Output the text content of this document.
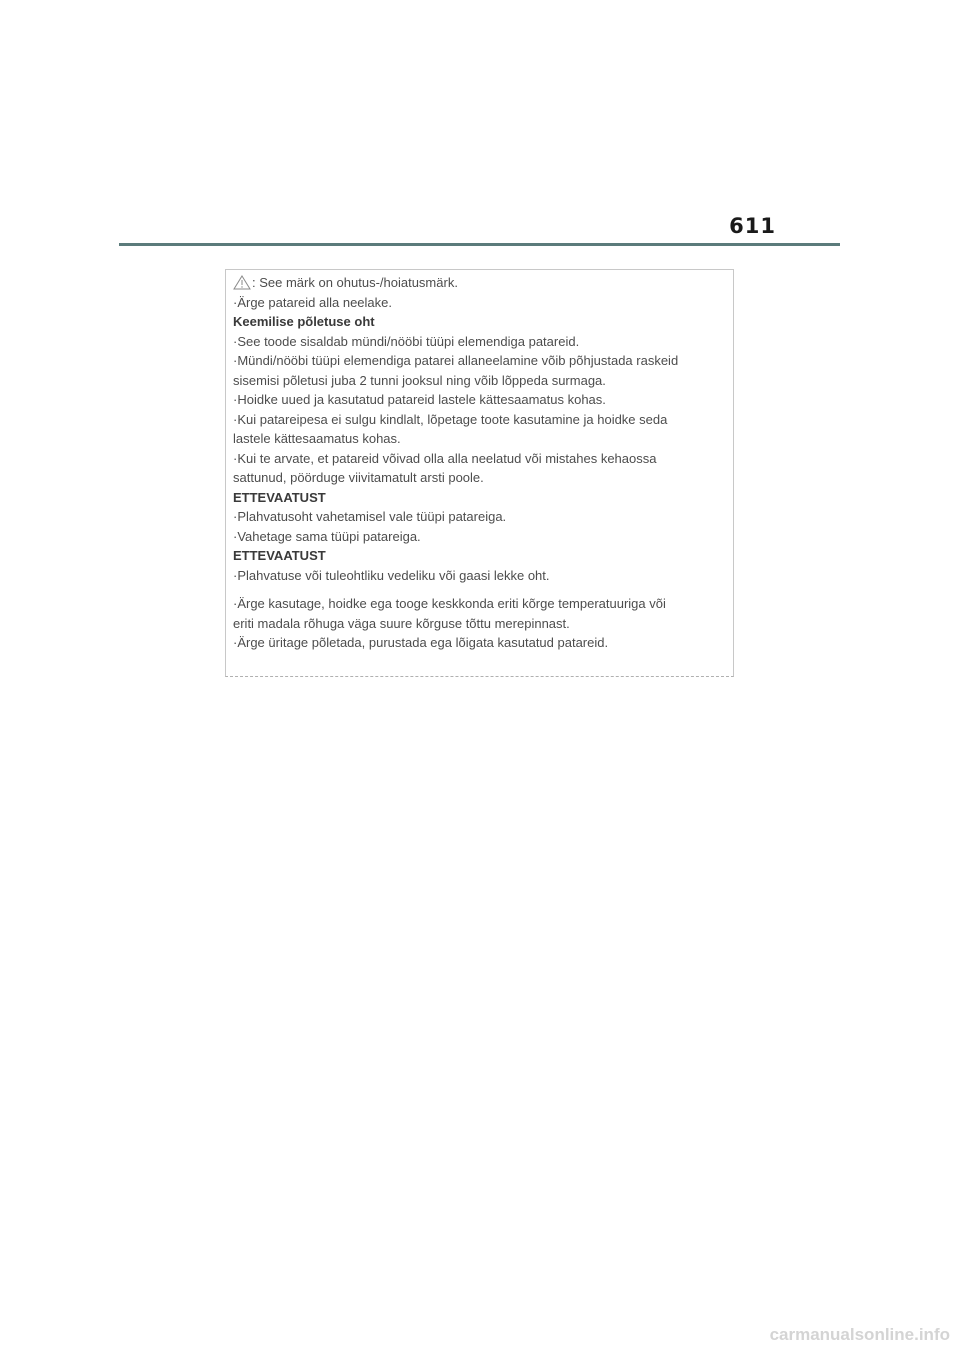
611
: See märk on ohutus-/hoiatusmärk.
·Ärge patareid alla neelake.
Keemilise põletuse oht
·See toode sisaldab mündi/nööbi tüüpi elemendiga patareid.
·Mündi/nööbi tüüpi elemendiga patarei allaneelamine võib põhjustada raskeid
sisemisi põletusi juba 2 tunni jooksul ning võib lõppeda surmaga.
·Hoidke uued ja kasutatud patareid lastele kättesaamatus kohas.
·Kui patareipesa ei sulgu kindlalt, lõpetage toote kasutamine ja hoidke seda
lastele kättesaamatus kohas.
·Kui te arvate, et patareid võivad olla alla neelatud või mistahes kehaossa
sattunud, pöörduge viivitamatult arsti poole.
ETTEVAATUST
·Plahvatusoht vahetamisel vale tüüpi patareiga.
·Vahetage sama tüüpi patareiga.
ETTEVAATUST
·Plahvatuse või tuleohtliku vedeliku või gaasi lekke oht.
·Ärge kasutage, hoidke ega tooge keskkonda eriti kõrge temperatuuriga või
eriti madala rõhuga väga suure kõrguse tõttu merepinnast.
·Ärge üritage põletada, purustada ega lõigata kasutatud patareid.
carmanualsonline.info
